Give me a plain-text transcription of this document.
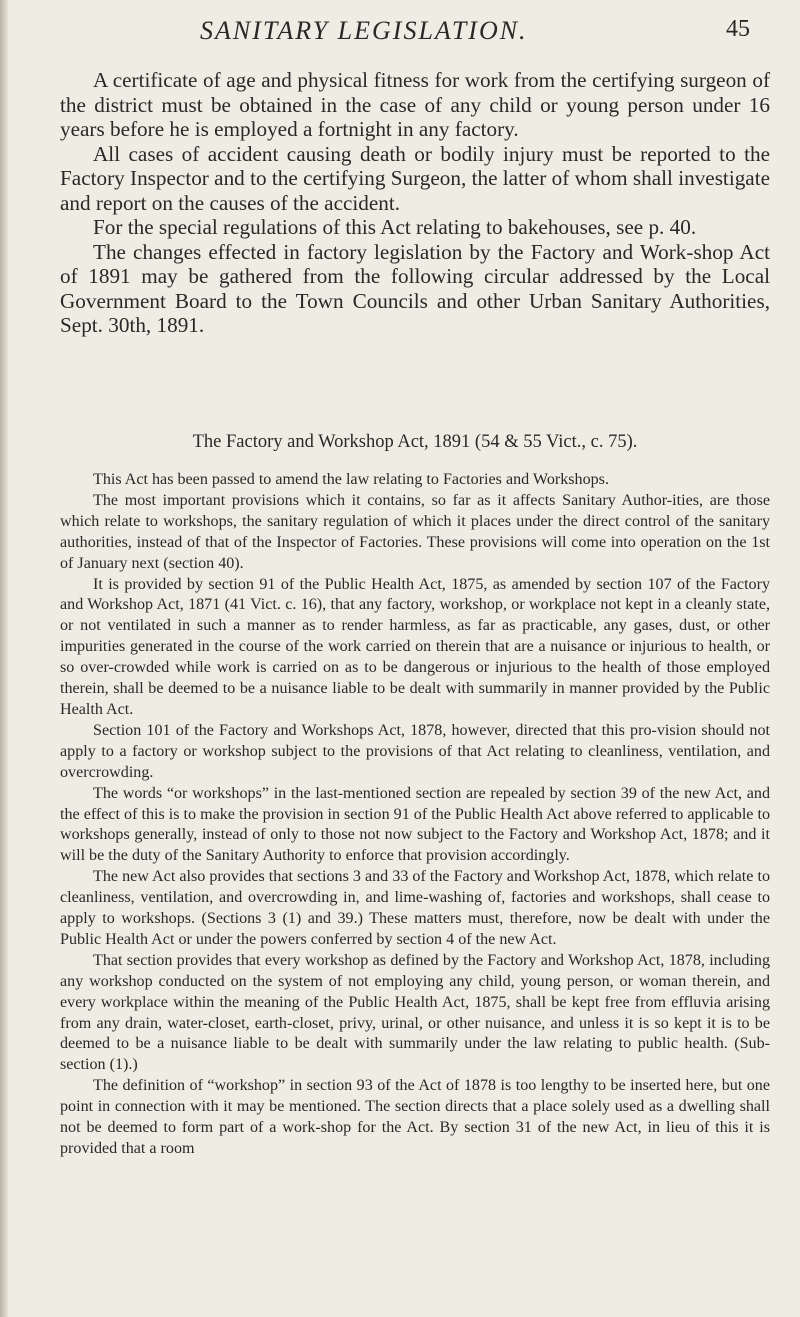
SANITARY LEGISLATION.	45

A certificate of age and physical fitness for work from the certifying surgeon of the district must be obtained in the case of any child or young person under 16 years before he is employed a fortnight in any factory.

All cases of accident causing death or bodily injury must be reported to the Factory Inspector and to the certifying Surgeon, the latter of whom shall investigate and report on the causes of the accident.

For the special regulations of this Act relating to bakehouses, see p. 40.

The changes effected in factory legislation by the Factory and Work-shop Act of 1891 may be gathered from the following circular addressed by the Local Government Board to the Town Councils and other Urban Sanitary Authorities, Sept. 30th, 1891.

The Factory and Workshop Act, 1891 (54 & 55 Vict., c. 75).

This Act has been passed to amend the law relating to Factories and Workshops.

The most important provisions which it contains, so far as it affects Sanitary Author-ities, are those which relate to workshops, the sanitary regulation of which it places under the direct control of the sanitary authorities, instead of that of the Inspector of Factories. These provisions will come into operation on the 1st of January next (section 40).

It is provided by section 91 of the Public Health Act, 1875, as amended by section 107 of the Factory and Workshop Act, 1871 (41 Vict. c. 16), that any factory, workshop, or workplace not kept in a cleanly state, or not ventilated in such a manner as to render harmless, as far as practicable, any gases, dust, or other impurities generated in the course of the work carried on therein that are a nuisance or injurious to health, or so over-crowded while work is carried on as to be dangerous or injurious to the health of those employed therein, shall be deemed to be a nuisance liable to be dealt with summarily in manner provided by the Public Health Act.

Section 101 of the Factory and Workshops Act, 1878, however, directed that this pro-vision should not apply to a factory or workshop subject to the provisions of that Act relating to cleanliness, ventilation, and overcrowding.

The words “or workshops” in the last-mentioned section are repealed by section 39 of the new Act, and the effect of this is to make the provision in section 91 of the Public Health Act above referred to applicable to workshops generally, instead of only to those not now subject to the Factory and Workshop Act, 1878; and it will be the duty of the Sanitary Authority to enforce that provision accordingly.

The new Act also provides that sections 3 and 33 of the Factory and Workshop Act, 1878, which relate to cleanliness, ventilation, and overcrowding in, and lime-washing of, factories and workshops, shall cease to apply to workshops. (Sections 3 (1) and 39.) These matters must, therefore, now be dealt with under the Public Health Act or under the powers conferred by section 4 of the new Act.

That section provides that every workshop as defined by the Factory and Workshop Act, 1878, including any workshop conducted on the system of not employing any child, young person, or woman therein, and every workplace within the meaning of the Public Health Act, 1875, shall be kept free from effluvia arising from any drain, water-closet, earth-closet, privy, urinal, or other nuisance, and unless it is so kept it is to be deemed to be a nuisance liable to be dealt with summarily under the law relating to public health. (Sub-section (1).)

The definition of “workshop” in section 93 of the Act of 1878 is too lengthy to be inserted here, but one point in connection with it may be mentioned. The section directs that a place solely used as a dwelling shall not be deemed to form part of a work-shop for the Act. By section 31 of the new Act, in lieu of this it is provided that a room
